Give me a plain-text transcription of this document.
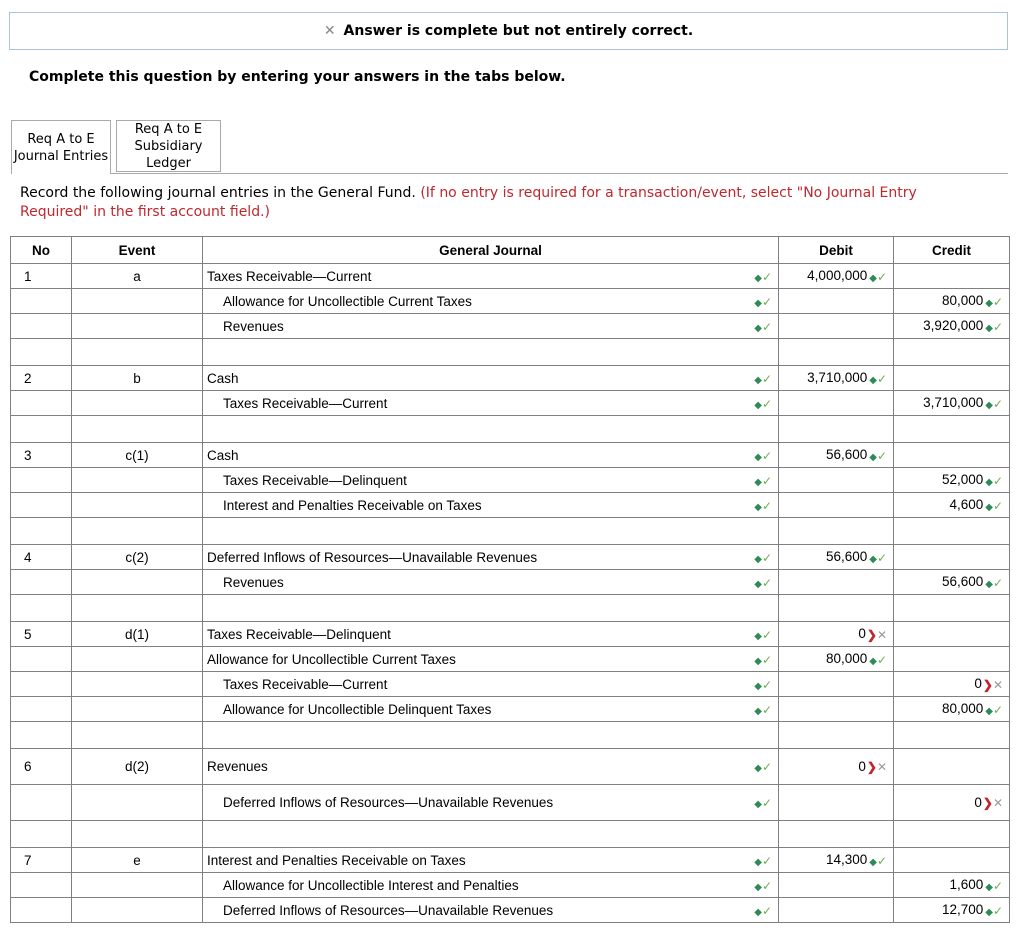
✕ Answer is complete but not entirely correct.
Complete this question by entering your answers in the tabs below.
Req A to E
Journal Entries
Req A to E
Subsidiary
Ledger
Record the following journal entries in the General Fund. (If no entry is required for a transaction/event, select "No Journal Entry Required" in the first account field.)
No	Event	General Journal		Debit	Credit
1	a	Taxes Receivable—Current	◆✓	4,000,000 ◆✓	
		Allowance for Uncollectible Current Taxes	◆✓		80,000 ◆✓
		Revenues	◆✓		3,920,000 ◆✓

2	b	Cash	◆✓	3,710,000 ◆✓	
		Taxes Receivable—Current	◆✓		3,710,000 ◆✓

3	c(1)	Cash	◆✓	56,600 ◆✓	
		Taxes Receivable—Delinquent	◆✓		52,000 ◆✓
		Interest and Penalties Receivable on Taxes	◆✓		4,600 ◆✓

4	c(2)	Deferred Inflows of Resources—Unavailable Revenues	◆✓	56,600 ◆✓	
		Revenues	◆✓		56,600 ◆✓

5	d(1)	Taxes Receivable—Delinquent	◆✓	0❯✕	
		Allowance for Uncollectible Current Taxes	◆✓	80,000 ◆✓	
		Taxes Receivable—Current	◆✓		0❯✕
		Allowance for Uncollectible Delinquent Taxes	◆✓		80,000 ◆✓

6	d(2)	Revenues	◆✓	0❯✕	
		Deferred Inflows of Resources—Unavailable Revenues	◆✓		0❯✕

7	e	Interest and Penalties Receivable on Taxes	◆✓	14,300 ◆✓	
		Allowance for Uncollectible Interest and Penalties	◆✓		1,600 ◆✓
		Deferred Inflows of Resources—Unavailable Revenues	◆✓		12,700 ◆✓
